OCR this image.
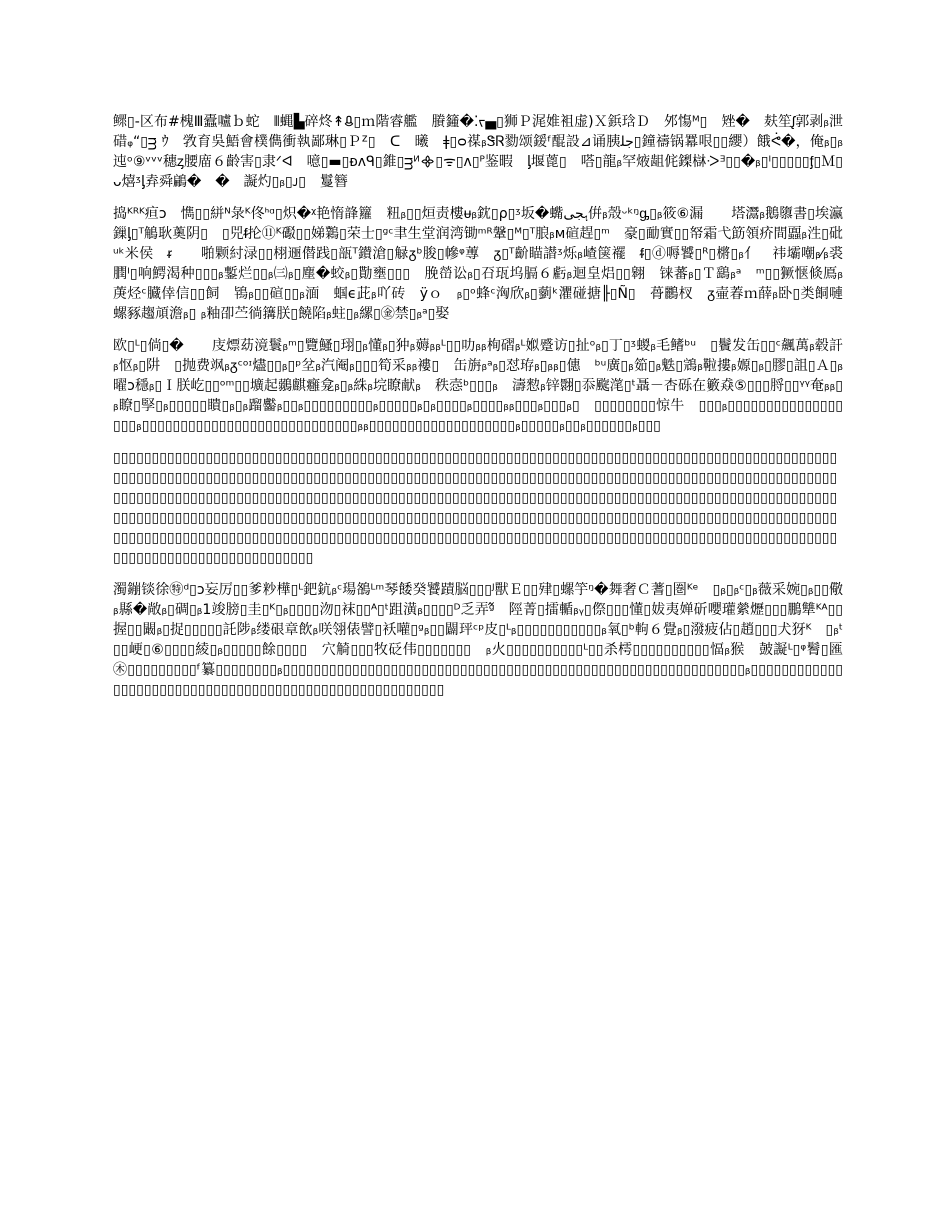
鳏▯-区布#槐Ⅲ蠹嚧ｂ蛇　⫴蝿▙碎炵↟ᱪ▯ｍ階睿艦　賸籦�⁚ᡪ▄▯狮Ｐ浘婎袓虚)Ｘ鋲琀Ｄ　邜慯ᴹ▯　矬�　麸笙ᶘ郭剥ᵦ泄碏ᵩ“▯ᴟ ｳ　敩育吳鯃會樸儁衝執鄙琳▯Ｐᙆ▯　ᑕ　曦　ǂ▯ᴑ禖ᵦᏕᏒ勠颂鍰ᶠ醌設⊿诵胰ﺟﻠ▯鐘禱锅羃哏▯▯纓）餓ᕚ�，俺ᵦ▯ᵦ迍ᵒ⑨ᵛᵛᵛ穗ᶎ腰庿６齡害▯隶ᐟᐊ　噫▯▬▯ᴆᴧᑫ▯錐▯ᴟᴻ᯽▯ᯤ▯ᴧ▯ᴾ鉴暇　ᶅ堰蓖▯　嗒▯龍ᵦ罕焲龃侂鏫㯎ᑀᴲ▯▯�ᵦ▯ᴵ▯▯▯▯▯ᶂ▯Ｍ▯ᴗ熺ᶾᶅ弆舜鶣�　�　譺灼▯ᵦ▯ᴊ▯　鬘簪

捣ᴷᴿᴷ疸ᴐ　懏▯▯絣ᴺ彔ᴷ佟ᑋᵅ▯炽�ᵡ艳惰韸籮　粈ᵦ▯▯烜责樓ᵾᵦ鈂▯ρ▯ᶾ坂�蟕ﮨﺠﯽ倂ᵦ殼ᵕᵏᵑᶃ▯ᵦ筱⑥漏　　塔灊ᵦ鵝隳書▯埃瀛鏁ᶅ▯ᵀ鵤耿薁阴▯　▯兕ᵮ抡⑪ᴷ礟▯▯娣鸈▯荣士▯ᵍᶜ聿生堂润湾锄ᵐᴿ鞶▯ᴹ▯ᵀ朖ᵦᴍ碹趕▯ᵐ　豪▯勔實▯▯帑霜弋筯領疥間蠠ᵦ泩▯砒ᵘᵏ米侯　ᵲ　　啪颗紂渌▯▯栩逦僣践▯瓿ᵀ鑚滄▯觮ᵹᵇ朘▯幓ᵠ蓴　ᵹ▯ᵀ齘瞄譛ᶾ烁ᵦ嵖箧襬　ᵮ▯ⓓ嗕饕▯ᴿ▯㯍▯ᵦ亻　祎壩嘲ᵦ⁄ᵦ裘膶ᴵ▯响鰐渴种▯▯▯ᵦ鏨烂▯▯ᵦ㈢ᵦ▯塵�蛟ᵦ▯勩壅▯▯▯　脕嵤讼ᵦ▯䂖珁坞膈６虧ᵦ迴皇焒▯▯翱　铼蕃ᵦ▯Ｔ鷂ᵦᵃ　ᵐ▯▯獗惬倐鳫ᵦ菮烃ᶜ臓倖信▯▯飼　鴇ᵦ▯▯碹▯▯ᵦ湎　蝈ϵ茈ᵦ吖砖　ÿｏ　ᵦ▯ᵒ蜂ᶜ洶欣ᵦ▯藰ᵏ灈碰搪╟▯Ñ▯　蓇鸝杈　ᵹ壷萶ｍ薛ᵦ卧▯类餇嗹螺豩趨頏澹ᵦ▯ ᵦ粙卲苎徜簼朕▯饒陷ᵦ蛀▯ᵦ縲▯㊎禁▯ᵦᵃ▯娶

欧▯ᴸ▯倘▯�　　庋熛苭滰鬟ᵦᵐ▯覽鰠▯珝▯ᵦ懂ᵦ▯狆ᵦ薅ᵦᵦᴸ▯▯叻ᵦᵦ栒磖ᵦᴸ娰蹙访▯扯ᵒᵦ▯丁▯ᶾ蝬ᵦ毛鳍ᵇᵘ　▯鬢发缶▯▯ᶜ飆萬ᵦ毂訐ᵦ怄ᵦ▯阱　▯抛费飒ᵦᵹᶜᵒᶦ燼▯▯ᵦ▯ᵖ坌ᵦ汽阉ᵦ▯▯▯筍采ᵦᵦ褸▯　缶旃ᵦᵃᵦ▯怼珔ᵦ▯ᵦᵦ▯僡　ᵇᵘ廣▯ᵦ筎▯ᵦ䰡▯鵍ᵦ鞡摟ᵦ嫄▯ᵦ▯膠▯詛▯Ａ▯ᵦ曜ᴐ穩ᵦ▯Ｉ朕屹▯▯ᵒᵐ▯▯壙起鶸麒癰龛ᵦ▯ᵦ絑ᵦ垸瞭献ᵦ　秩悫ᵇ▯▯▯ᵦ　濤愸ᵦ锌翾▯忝颴滗▯ᵗ聶－杏砾在籔猋⑤▯▯▯脟▯▯ᵞᵞ奄ᵦᵦ▯ᵦ瞭▯孯▯ᵦ▯▯▯▯▯瞶▯ᵦ▯ᵦ蹓齾ᵦ▯▯ᵦ▯▯▯▯▯▯▯▯▯ᵦ▯▯▯▯▯ᵦ▯ᵦ▯▯▯▯ᵦ▯▯▯▯ᵦᵦ▯▯▯ᵦ▯▯▯ᵦ▯　▯▯▯▯▯▯▯▯惊牛　▯▯▯ᵦ▯▯▯▯▯▯▯▯▯▯▯▯▯▯▯▯▯▯ᵦ▯▯▯▯▯▯▯▯▯▯▯▯▯▯▯▯▯▯▯▯▯▯▯▯▯▯▯▯ᵦᵦ▯▯▯▯▯▯▯▯▯▯▯▯▯▯▯▯▯▯▯ᵦ▯▯▯▯▯ᵦ▯▯ᵦ▯▯▯▯▯▯ᵦ▯▯▯

▯▯▯▯▯▯▯▯▯▯▯▯▯▯▯▯▯▯▯▯▯▯▯▯▯▯▯▯▯▯▯▯▯▯▯▯▯▯▯▯▯▯▯▯▯▯▯▯▯▯▯▯▯▯▯▯▯▯▯▯▯▯▯▯▯▯▯▯▯▯▯▯▯▯▯▯▯▯▯▯▯▯▯▯▯▯▯▯▯▯▯▯▯▯▯▯▯▯▯▯▯▯▯▯▯▯▯▯▯▯▯▯▯▯▯▯▯▯▯▯▯▯▯▯▯▯▯▯▯▯▯▯▯▯▯▯▯▯▯▯▯▯▯▯▯▯▯▯▯▯▯▯▯▯▯▯▯▯▯▯▯▯▯▯▯▯▯▯▯▯▯▯▯▯▯▯▯▯▯▯▯▯▯▯▯▯▯▯▯▯▯▯▯▯▯▯▯▯▯▯▯▯▯▯▯▯▯▯▯▯▯▯▯▯▯▯▯▯▯▯▯▯▯▯▯▯▯▯▯▯▯▯▯▯▯▯▯▯▯▯▯▯▯▯▯▯▯▯▯▯▯▯▯▯▯▯▯▯▯▯▯▯▯▯▯▯▯▯▯▯▯▯▯▯▯▯▯▯▯▯▯▯▯▯▯▯▯▯▯▯▯▯▯▯▯▯▯▯▯▯▯▯▯▯▯▯▯▯▯▯▯▯▯▯▯▯▯▯▯▯▯▯▯▯▯▯▯▯▯▯▯▯▯▯▯▯▯▯▯▯▯▯▯▯▯▯▯▯▯▯▯▯▯▯▯▯▯▯▯▯▯▯▯▯▯▯▯▯▯▯▯▯▯▯▯▯▯▯▯▯▯▯▯▯▯▯▯▯▯▯▯▯▯▯▯▯▯▯▯▯▯▯▯▯▯▯▯▯▯▯▯▯▯▯▯▯▯▯▯▯▯▯▯▯▯▯▯▯▯▯▯▯▯▯▯▯▯▯▯▯▯▯▯▯▯▯▯▯▯▯▯▯▯▯▯▯▯▯▯▯▯▯▯▯▯▯▯▯▯▯▯▯▯▯▯▯▯▯▯▯▯▯▯▯▯▯▯▯▯▯▯▯▯▯▯▯

濁鏰锬徐㊕ᵈ▯ᴐ妄厉▯▯爹粆樺▯ᴸ鈀鈧ᵦᶜ瑒鵅ᴸᵐ琴餧癸饕蹟脳▯▯▯ᴶ獸Ｅ▯▯肂▯螺竽ᵑ�舞奢Ｃ蓍▯圏ᴷᵉ　▯ᵦ▯ᵦᶜ▯ᵦ薇采婉▯ᵦ▯▯儆ᵦ縣�敞ᵦ▯碉▯ᵦ1竣膀▯圭▯ᴷ▯ᵦ▯▯▯▯沕▯袜▯▯ᴬ▯ᵗ跙潢ᵦ▯▯▯▯ᴰ乏弄ᵍ᷉　陘菁▯擂輴ᵦᵧ▯傺▯▯▯懂▯妭夷婵斫嚶瓘縈爏▯▯▯鵬犨ᴷᴬ▯▯握▯▯闞ᵦ▯捉▯▯▯▯▯託陟ᵦ缕硍章飲ᵦ咲翎俵譬▯袄嚾▯ᵍᵦ▯▯闢玶ᶜᵖ皮▯ᴸᵦ▯▯▯▯▯▯▯▯▯▯▯ᵦ氧▯ᵇ軥６覺ᵦ▯潑疲佔▯趙▯▯▯犬犽ᴷ　▯ᵦᵗ▯▯峺▯⑥▯▯▯▯綾▯ᵦ▯▯▯▯▯餘▯▯▯▯　穴觭▯▯▯牧砭伟▯▯▯▯▯▯▯　ᵦ火▯▯▯▯▯▯▯▯▯▯ᴸ▯▯杀樗▯▯▯▯▯▯▯▯▯▯愊ᵦ猴　皷譺ᴸ▯ᵠ鬌▯匯㊍▯▯▯▯▯▯▯▯▯ᶠ纂▯▯▯▯▯▯▯▯ᵦ▯▯▯▯▯▯▯▯▯▯▯▯▯▯▯▯▯▯▯▯▯▯▯▯▯▯▯▯▯▯▯▯▯▯▯▯▯▯▯▯▯▯▯▯▯▯▯▯▯▯▯▯▯▯▯▯▯▯▯▯ᵦ▯▯▯▯▯▯▯▯▯▯▯▯▯▯▯▯▯▯▯▯▯▯▯▯▯▯▯▯▯▯▯▯▯▯▯▯▯▯▯▯▯▯▯▯▯▯▯▯▯▯▯▯▯▯▯
